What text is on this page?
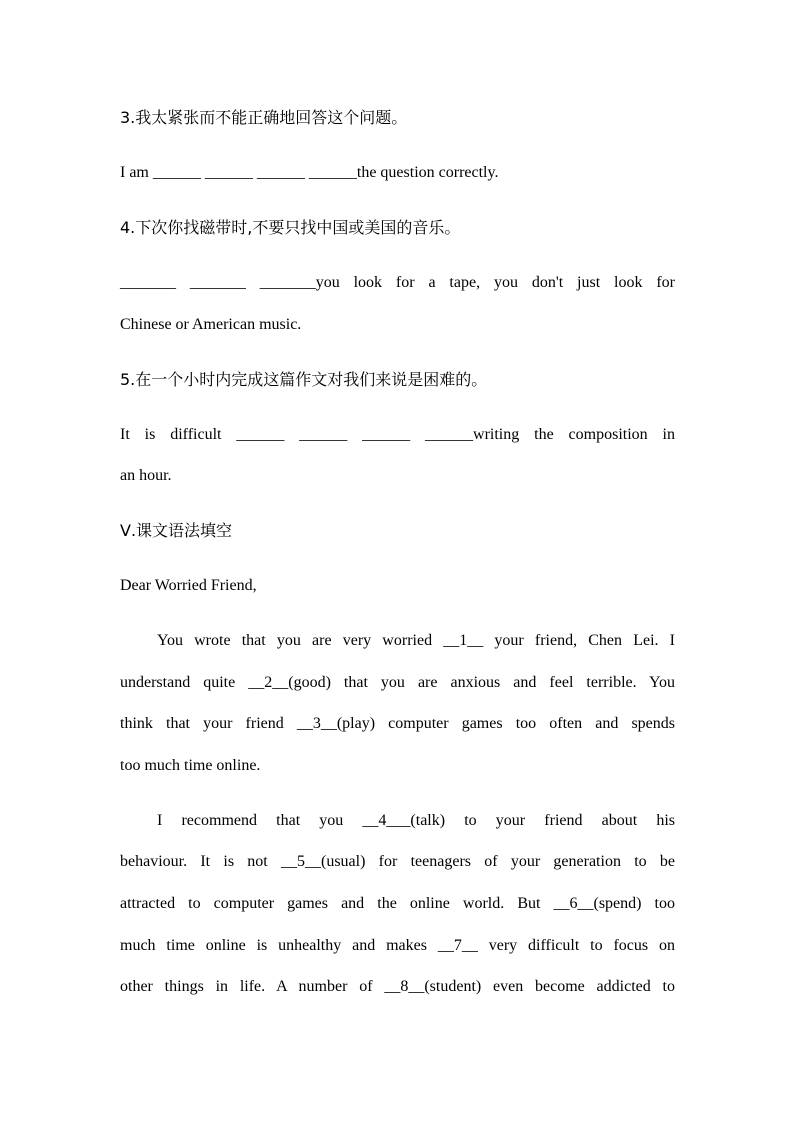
3.我太紧张而不能正确地回答这个问题。
I am ______ ______ ______ ______the question correctly.
4.下次你找磁带时,不要只找中国或美国的音乐。
_______ _______ _______you look for a tape, you don't just look for
Chinese or American music.
5.在一个小时内完成这篇作文对我们来说是困难的。
It is difficult ______ ______ ______ ______writing the composition in
an hour.
Ⅴ.课文语法填空
Dear Worried Friend,
You wrote that you are very worried __1__ your friend, Chen Lei. I
understand quite __2__(good) that you are anxious and feel terrible. You
think that your friend __3__(play) computer games too often and spends
too much time online.
I recommend that you __4___(talk) to your friend about his
behaviour. It is not __5__(usual) for teenagers of your generation to be
attracted to computer games and the online world. But __6__(spend) too
much time online is unhealthy and makes __7__ very difficult to focus on
other things in life. A number of __8__(student) even become addicted to
